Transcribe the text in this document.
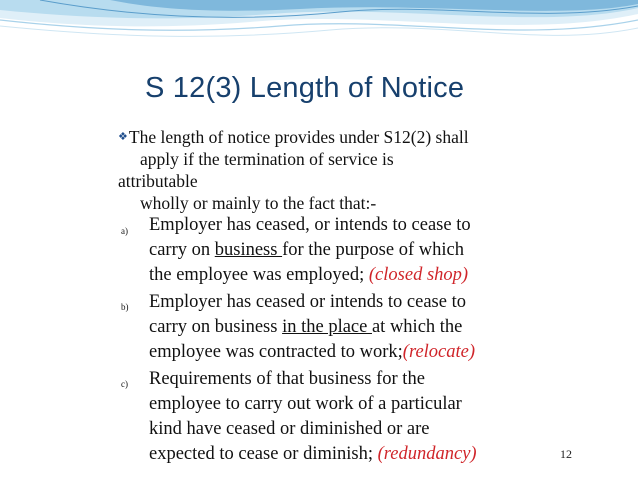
S 12(3) Length of Notice
❖The length of notice provides under S12(2) shall
apply if the termination of service is
attributable
wholly or mainly to the fact that:-
a) Employer has ceased, or intends to cease to
carry on business for the purpose of which
the employee was employed; (closed shop)
b) Employer has ceased or intends to cease to
carry on business in the place at which the
employee was contracted to work;(relocate)
c) Requirements of that business for the
employee to carry out work of a particular
kind have ceased or diminished or are
expected to cease or diminish; (redundancy)	12
